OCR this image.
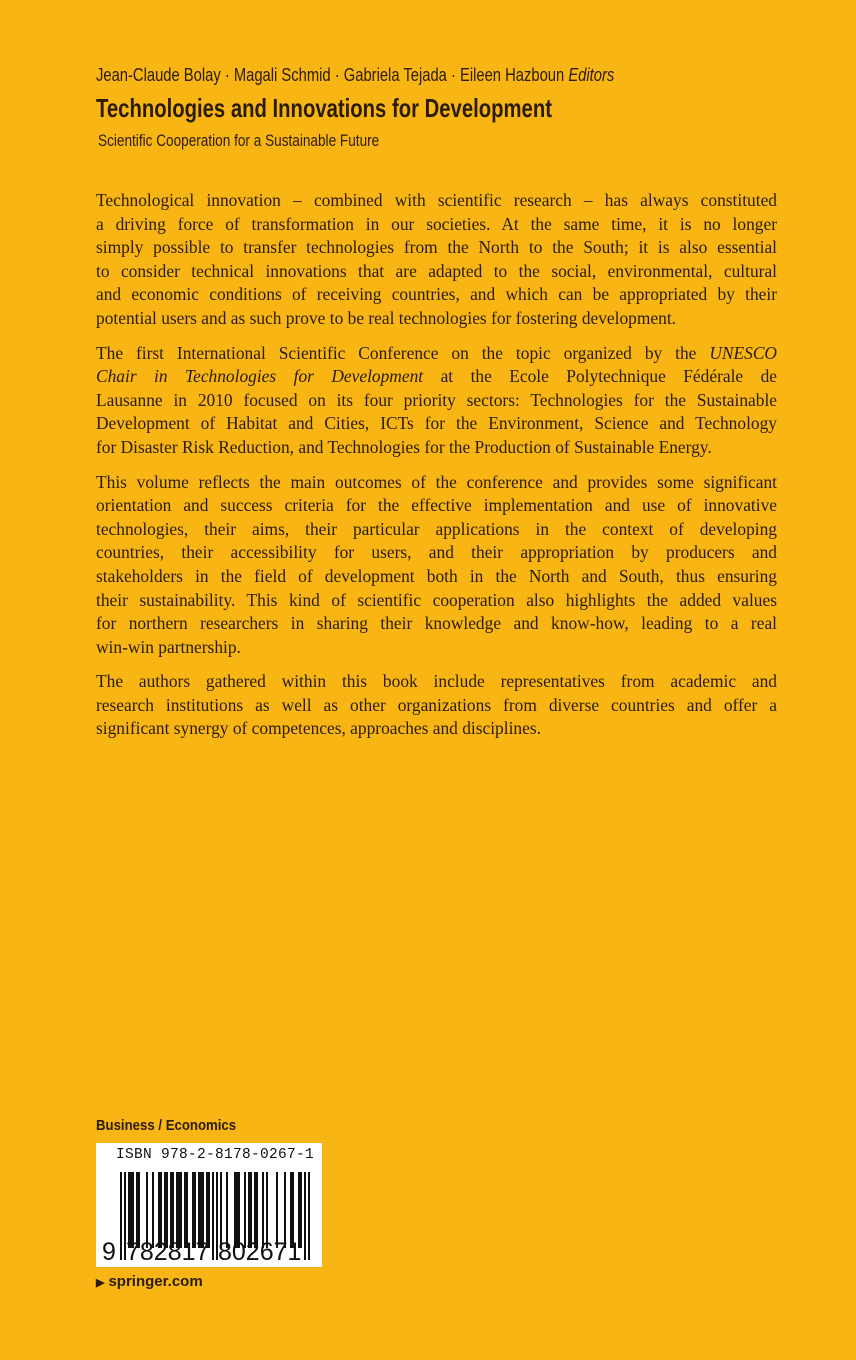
Jean-Claude Bolay · Magali Schmid · Gabriela Tejada · Eileen Hazboun Editors
Technologies and Innovations for Development
Scientific Cooperation for a Sustainable Future

Technological innovation – combined with scientific research – has always constituted
a driving force of transformation in our societies. At the same time, it is no longer
simply possible to transfer technologies from the North to the South; it is also essential
to consider technical innovations that are adapted to the social, environmental, cultural
and economic conditions of receiving countries, and which can be appropriated by their
potential users and as such prove to be real technologies for fostering development.

The first International Scientific Conference on the topic organized by the UNESCO
Chair in Technologies for Development at the Ecole Polytechnique Fédérale de
Lausanne in 2010 focused on its four priority sectors: Technologies for the Sustainable
Development of Habitat and Cities, ICTs for the Environment, Science and Technology
for Disaster Risk Reduction, and Technologies for the Production of Sustainable Energy.

This volume reflects the main outcomes of the conference and provides some significant
orientation and success criteria for the effective implementation and use of innovative
technologies, their aims, their particular applications in the context of developing
countries, their accessibility for users, and their appropriation by producers and
stakeholders in the field of development both in the North and South, thus ensuring
their sustainability. This kind of scientific cooperation also highlights the added values
for northern researchers in sharing their knowledge and know-how, leading to a real
win-win partnership.

The authors gathered within this book include representatives from academic and
research institutions as well as other organizations from diverse countries and offer a
significant synergy of competences, approaches and disciplines.

Business / Economics
9 782817 802671
ISBN 978-2-8178-0267-1
▶ springer.com
